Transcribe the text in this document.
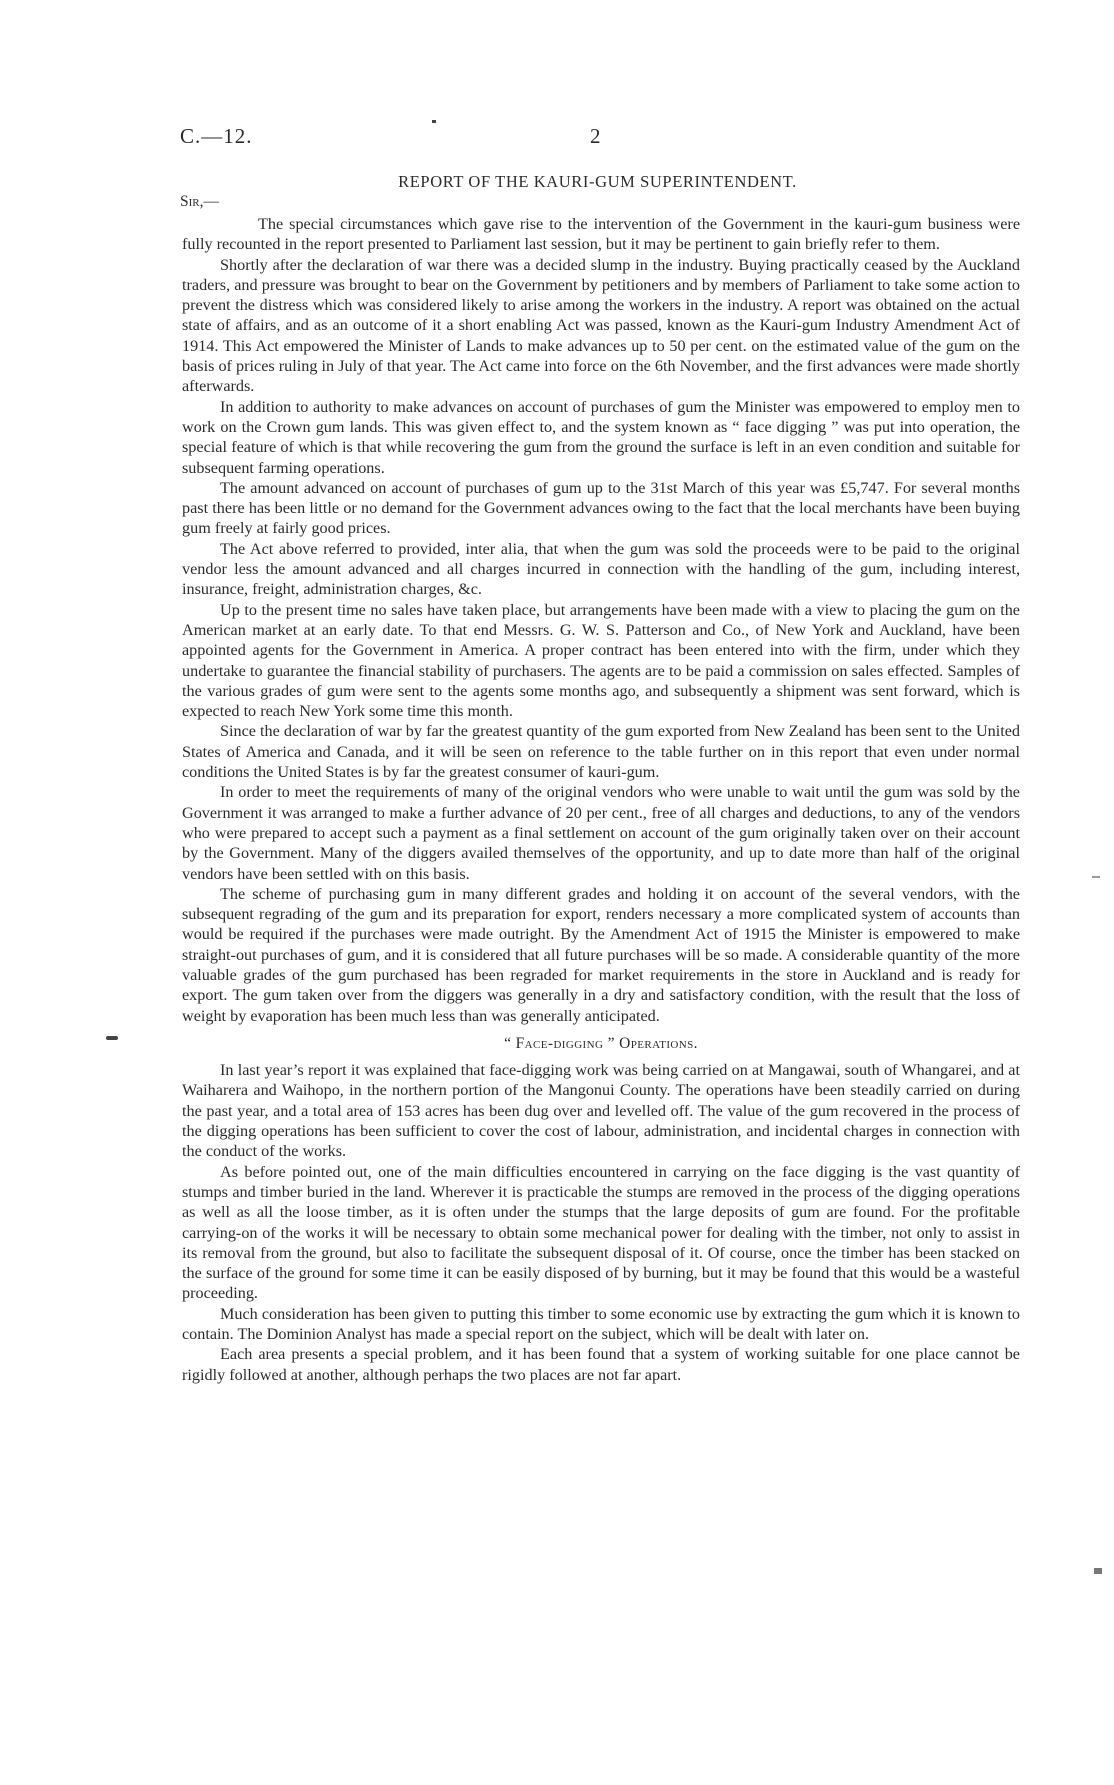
C.—12.	2
REPORT OF THE KAURI-GUM SUPERINTENDENT.
Sir,—

The special circumstances which gave rise to the intervention of the Government in the kauri-gum business were fully recounted in the report presented to Parliament last session, but it may be pertinent to gain briefly refer to them.

Shortly after the declaration of war there was a decided slump in the industry. Buying practically ceased by the Auckland traders, and pressure was brought to bear on the Government by petitioners and by members of Parliament to take some action to prevent the distress which was considered likely to arise among the workers in the industry. A report was obtained on the actual state of affairs, and as an outcome of it a short enabling Act was passed, known as the Kauri-gum Industry Amendment Act of 1914. This Act empowered the Minister of Lands to make advances up to 50 per cent. on the estimated value of the gum on the basis of prices ruling in July of that year. The Act came into force on the 6th November, and the first advances were made shortly afterwards.

In addition to authority to make advances on account of purchases of gum the Minister was empowered to employ men to work on the Crown gum lands. This was given effect to, and the system known as “ face digging ” was put into operation, the special feature of which is that while recovering the gum from the ground the surface is left in an even condition and suitable for subsequent farming operations.

The amount advanced on account of purchases of gum up to the 31st March of this year was £5,747. For several months past there has been little or no demand for the Government advances owing to the fact that the local merchants have been buying gum freely at fairly good prices.

The Act above referred to provided, inter alia, that when the gum was sold the proceeds were to be paid to the original vendor less the amount advanced and all charges incurred in connection with the handling of the gum, including interest, insurance, freight, administration charges, &c.

Up to the present time no sales have taken place, but arrangements have been made with a view to placing the gum on the American market at an early date. To that end Messrs. G. W. S. Patterson and Co., of New York and Auckland, have been appointed agents for the Government in America. A proper contract has been entered into with the firm, under which they undertake to guarantee the financial stability of purchasers. The agents are to be paid a commission on sales effected. Samples of the various grades of gum were sent to the agents some months ago, and subsequently a shipment was sent forward, which is expected to reach New York some time this month.

Since the declaration of war by far the greatest quantity of the gum exported from New Zealand has been sent to the United States of America and Canada, and it will be seen on reference to the table further on in this report that even under normal conditions the United States is by far the greatest consumer of kauri-gum.

In order to meet the requirements of many of the original vendors who were unable to wait until the gum was sold by the Government it was arranged to make a further advance of 20 per cent., free of all charges and deductions, to any of the vendors who were prepared to accept such a payment as a final settlement on account of the gum originally taken over on their account by the Government. Many of the diggers availed themselves of the opportunity, and up to date more than half of the original vendors have been settled with on this basis.

The scheme of purchasing gum in many different grades and holding it on account of the several vendors, with the subsequent regrading of the gum and its preparation for export, renders necessary a more complicated system of accounts than would be required if the purchases were made outright. By the Amendment Act of 1915 the Minister is empowered to make straight-out purchases of gum, and it is considered that all future purchases will be so made. A considerable quantity of the more valuable grades of the gum purchased has been regraded for market requirements in the store in Auckland and is ready for export. The gum taken over from the diggers was generally in a dry and satisfactory condition, with the result that the loss of weight by evaporation has been much less than was generally anticipated.

“ Face-digging ” Operations.

In last year’s report it was explained that face-digging work was being carried on at Mangawai, south of Whangarei, and at Waiharera and Waihopo, in the northern portion of the Mangonui County. The operations have been steadily carried on during the past year, and a total area of 153 acres has been dug over and levelled off. The value of the gum recovered in the process of the digging operations has been sufficient to cover the cost of labour, administration, and incidental charges in connection with the conduct of the works.

As before pointed out, one of the main difficulties encountered in carrying on the face digging is the vast quantity of stumps and timber buried in the land. Wherever it is practicable the stumps are removed in the process of the digging operations as well as all the loose timber, as it is often under the stumps that the large deposits of gum are found. For the profitable carrying-on of the works it will be necessary to obtain some mechanical power for dealing with the timber, not only to assist in its removal from the ground, but also to facilitate the subsequent disposal of it. Of course, once the timber has been stacked on the surface of the ground for some time it can be easily disposed of by burning, but it may be found that this would be a wasteful proceeding.

Much consideration has been given to putting this timber to some economic use by extracting the gum which it is known to contain. The Dominion Analyst has made a special report on the subject, which will be dealt with later on.

Each area presents a special problem, and it has been found that a system of working suitable for one place cannot be rigidly followed at another, although perhaps the two places are not far apart.
